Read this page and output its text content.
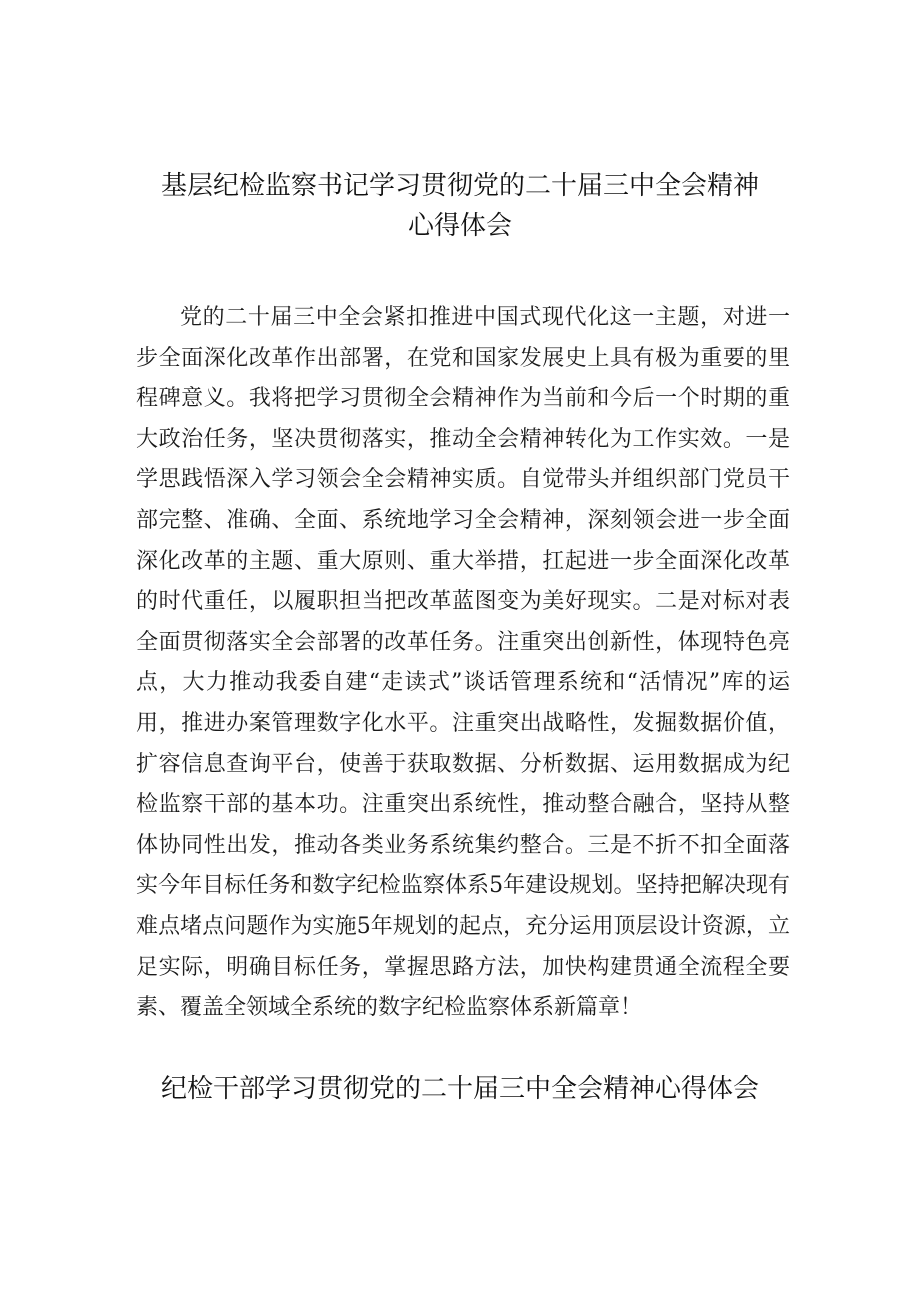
基层纪检监察书记学习贯彻党的二十届三中全会精神
心得体会

党的二十届三中全会紧扣推进中国式现代化这一主题，对进一步全面深化改革作出部署，在党和国家发展史上具有极为重要的里程碑意义。我将把学习贯彻全会精神作为当前和今后一个时期的重大政治任务，坚决贯彻落实，推动全会精神转化为工作实效。一是学思践悟深入学习领会全会精神实质。自觉带头并组织部门党员干部完整、准确、全面、系统地学习全会精神，深刻领会进一步全面深化改革的主题、重大原则、重大举措，扛起进一步全面深化改革的时代重任，以履职担当把改革蓝图变为美好现实。二是对标对表全面贯彻落实全会部署的改革任务。注重突出创新性，体现特色亮点，大力推动我委自建“走读式”谈话管理系统和“活情况”库的运用，推进办案管理数字化水平。注重突出战略性，发掘数据价值，扩容信息查询平台，使善于获取数据、分析数据、运用数据成为纪检监察干部的基本功。注重突出系统性，推动整合融合，坚持从整体协同性出发，推动各类业务系统集约整合。三是不折不扣全面落实今年目标任务和数字纪检监察体系5年建设规划。坚持把解决现有难点堵点问题作为实施5年规划的起点，充分运用顶层设计资源，立足实际，明确目标任务，掌握思路方法，加快构建贯通全流程全要素、覆盖全领域全系统的数字纪检监察体系新篇章！

纪检干部学习贯彻党的二十届三中全会精神心得体会
